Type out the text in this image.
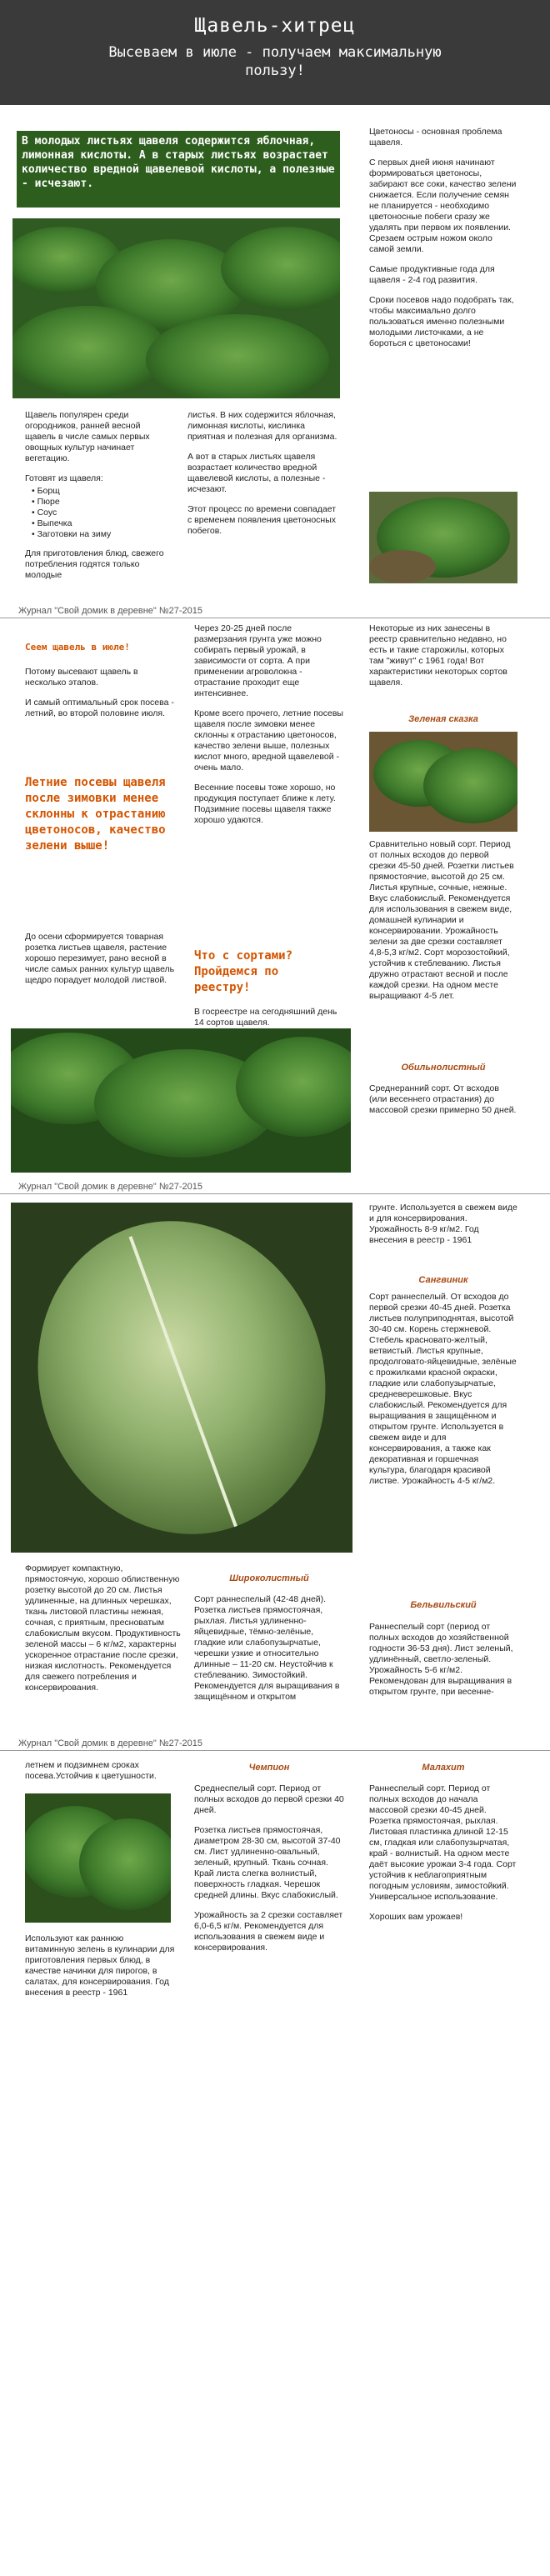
Щавель-хитрец
Высеваем в июле - получаем максимальную пользу!
В молодых листьях щавеля содержится яблочная, лимонная кислоты. А в старых листьях возрастает количество вредной щавелевой кислоты, а полезные - исчезают.

Щавель популярен среди огородников, ранней весной щавель в числе самых первых овощных культур начинает вегетацию.

Готовят из щавеля:
• Борщ
• Пюре
• Соус
• Выпечка
• Заготовки на зиму

Для приготовления блюд, свежего потребления годятся только молодые

листья. В них содержится яблочная, лимонная кислоты, кислинка приятная и полезная для организма.

А вот в старых листьях щавеля возрастает количество вредной щавелевой кислоты, а полезные - исчезают.

Этот процесс по времени совпадает с временем появления цветоносных побегов.

Цветоносы - основная проблема щавеля.

С первых дней июня начинают формироваться цветоносы, забирают все соки, качество зелени снижается. Если получение семян не планируется - необходимо цветоносные побеги сразу же удалять при первом их появлении. Срезаем острым ножом около самой земли.

Самые продуктивные года для щавеля - 2-4 год развития.

Сроки посевов надо подобрать так, чтобы максимально долго пользоваться именно полезными молодыми листочками, а не бороться с цветоносами!

Журнал "Свой домик в деревне" №27-2015
Сеем щавель в июле!

Потому высевают щавель в несколько этапов.

И самый оптимальный срок посева - летний, во второй половине июля.

Летние посевы щавеля после зимовки менее склонны к отрастанию цветоносов, качество зелени выше!

До осени сформируется товарная розетка листьев щавеля, растение хорошо перезимует, рано весной в числе самых ранних культур щавель щедро порадует молодой листвой.

Через 20-25 дней после размерзания грунта уже можно собирать первый урожай, в зависимости от сорта. А при применении агроволокна - отрастание проходит еще интенсивнее.

Кроме всего прочего, летние посевы щавеля после зимовки менее склонны к отрастанию цветоносов, качество зелени выше, полезных кислот много, вредной щавелевой - очень мало.

Весенние посевы тоже хорошо, но продукция поступает ближе к лету. Подзимние посевы щавеля также хорошо удаются.

Что с сортами? Пройдемся по реестру!

В госреестре на сегодняшний день 14 сортов щавеля.

Некоторые из них занесены в реестр сравнительно недавно, но есть и такие старожилы, которых там "живут" с 1961 года! Вот характеристики некоторых сортов щавеля.

Зеленая сказка

Сравнительно новый сорт. Период от полных всходов до первой срезки 45-50 дней. Розетки листьев прямостоячие, высотой до 25 см. Листья крупные, сочные, нежные. Вкус слабокислый. Рекомендуется для использования в свежем виде, домашней кулинарии и консервировании. Урожайность зелени за две срезки составляет 4,8-5,3 кг/м2. Сорт морозостойкий, устойчив к стеблеванию. Листья дружно отрастают весной и после каждой срезки. На одном месте выращивают 4-5 лет.

Обильнолистный

Среднеранний сорт. От всходов (или весеннего отрастания) до массовой срезки примерно 50 дней.

Журнал "Свой домик в деревне" №27-2015

грунте. Используется в свежем виде и для консервирования. Урожайность 8-9 кг/м2. Год внесения в реестр - 1961

Сангвиник

Сорт раннеспелый. От всходов до первой срезки 40-45 дней. Розетка листьев полуприподнятая, высотой 30-40 см. Корень стержневой. Стебель красновато-желтый, ветвистый. Листья крупные, продолговато-яйцевидные, зелёные с прожилками красной окраски, гладкие или слабопузырчатые, средневерешковые. Вкус слабокислый. Рекомендуется для выращивания в защищённом и открытом грунте. Используется в свежем виде и для консервирования, а также как декоративная и горшечная культура, благодаря красивой листве. Урожайность 4-5 кг/м2.

Бельвильский

Раннеспелый сорт (период от полных всходов до хозяйственной годности 36-53 дня). Лист зеленый, удлинённый, светло-зеленый. Урожайность 5-6 кг/м2. Рекомендован для выращивания в открытом грунте, при весенне-

Формирует компактную, прямостоячую, хорошо облиственную розетку высотой до 20 см. Листья удлиненные, на длинных черешках, ткань листовой пластины нежная, сочная, с приятным, пресноватым слабокислым вкусом. Продуктивность зеленой массы – 6 кг/м2, характерны ускоренное отрастание после срезки, низкая кислотность. Рекомендуется для свежего потребления и консервирования.

Широколистный

Сорт раннеспелый (42-48 дней). Розетка листьев прямостоячая, рыхлая. Листья удлиненно-яйцевидные, тёмно-зелёные, гладкие или слабопузырчатые, черешки узкие и относительно длинные – 11-20 см. Неустойчив к стеблеванию. Зимостойкий. Рекомендуется для выращивания в защищённом и открытом

Журнал "Свой домик в деревне" №27-2015

летнем и подзимнем сроках посева.Устойчив к цветушности.

Используют как раннюю витаминную зелень в кулинарии для приготовления первых блюд, в качестве начинки для пирогов, в салатах, для консервирования. Год внесения в реестр - 1961

Чемпион

Среднеспелый сорт. Период от полных всходов до первой срезки 40 дней.

Розетка листьев прямостоячая, диаметром 28-30 см, высотой 37-40 см. Лист удлиненно-овальный, зеленый, крупный. Ткань сочная. Край листа слегка волнистый, поверхность гладкая. Черешок средней длины. Вкус слабокислый.

Урожайность за 2 срезки составляет 6,0-6,5 кг/м. Рекомендуется для использования в свежем виде и консервирования.

Малахит

Раннеспелый сорт. Период от полных всходов до начала массовой срезки 40-45 дней. Розетка прямостоячая, рыхлая. Листовая пластинка длиной 12-15 см, гладкая или слабопузырчатая, край - волнистый. На одном месте даёт высокие урожаи 3-4 года. Сорт устойчив к неблагоприятным погодным условиям, зимостойкий. Универсальное использование.

Хороших вам урожаев!
